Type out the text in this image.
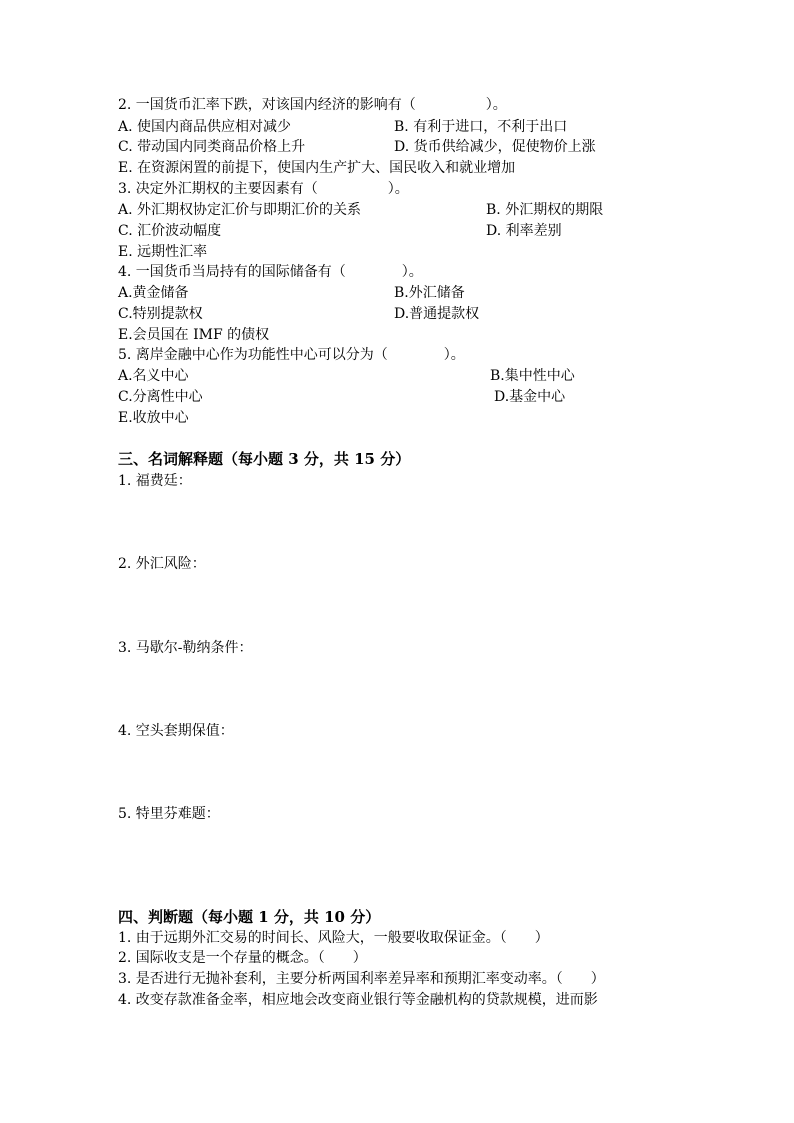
2. 一国货币汇率下跌，对该国内经济的影响有（　　　　　）。
A. 使国内商品供应相对减少	B. 有利于进口，不利于出口
C. 带动国内同类商品价格上升	D. 货币供给减少，促使物价上涨
E. 在资源闲置的前提下，使国内生产扩大、国民收入和就业增加
3. 决定外汇期权的主要因素有（　　　　　）。
A. 外汇期权协定汇价与即期汇价的关系	B. 外汇期权的期限
C. 汇价波动幅度	D. 利率差别
E. 远期性汇率
4. 一国货币当局持有的国际储备有（　　　　）。
A.黄金储备	B.外汇储备
C.特别提款权	D.普通提款权
E.会员国在 IMF 的债权
5. 离岸金融中心作为功能性中心可以分为（　　　　）。
A.名义中心	B.集中性中心
C.分离性中心	D.基金中心
E.收放中心
三、名词解释题（每小题 3 分，共 15 分）
1. 福费廷：
2. 外汇风险：
3. 马歇尔-勒纳条件：
4. 空头套期保值：
5. 特里芬难题：
四、判断题（每小题 1 分，共 10 分）
1. 由于远期外汇交易的时间长、风险大，一般要收取保证金。（　　）
2. 国际收支是一个存量的概念。（　　）
3. 是否进行无抛补套利，主要分析两国利率差异率和预期汇率变动率。（　　）
4. 改变存款准备金率，相应地会改变商业银行等金融机构的贷款规模，进而影
